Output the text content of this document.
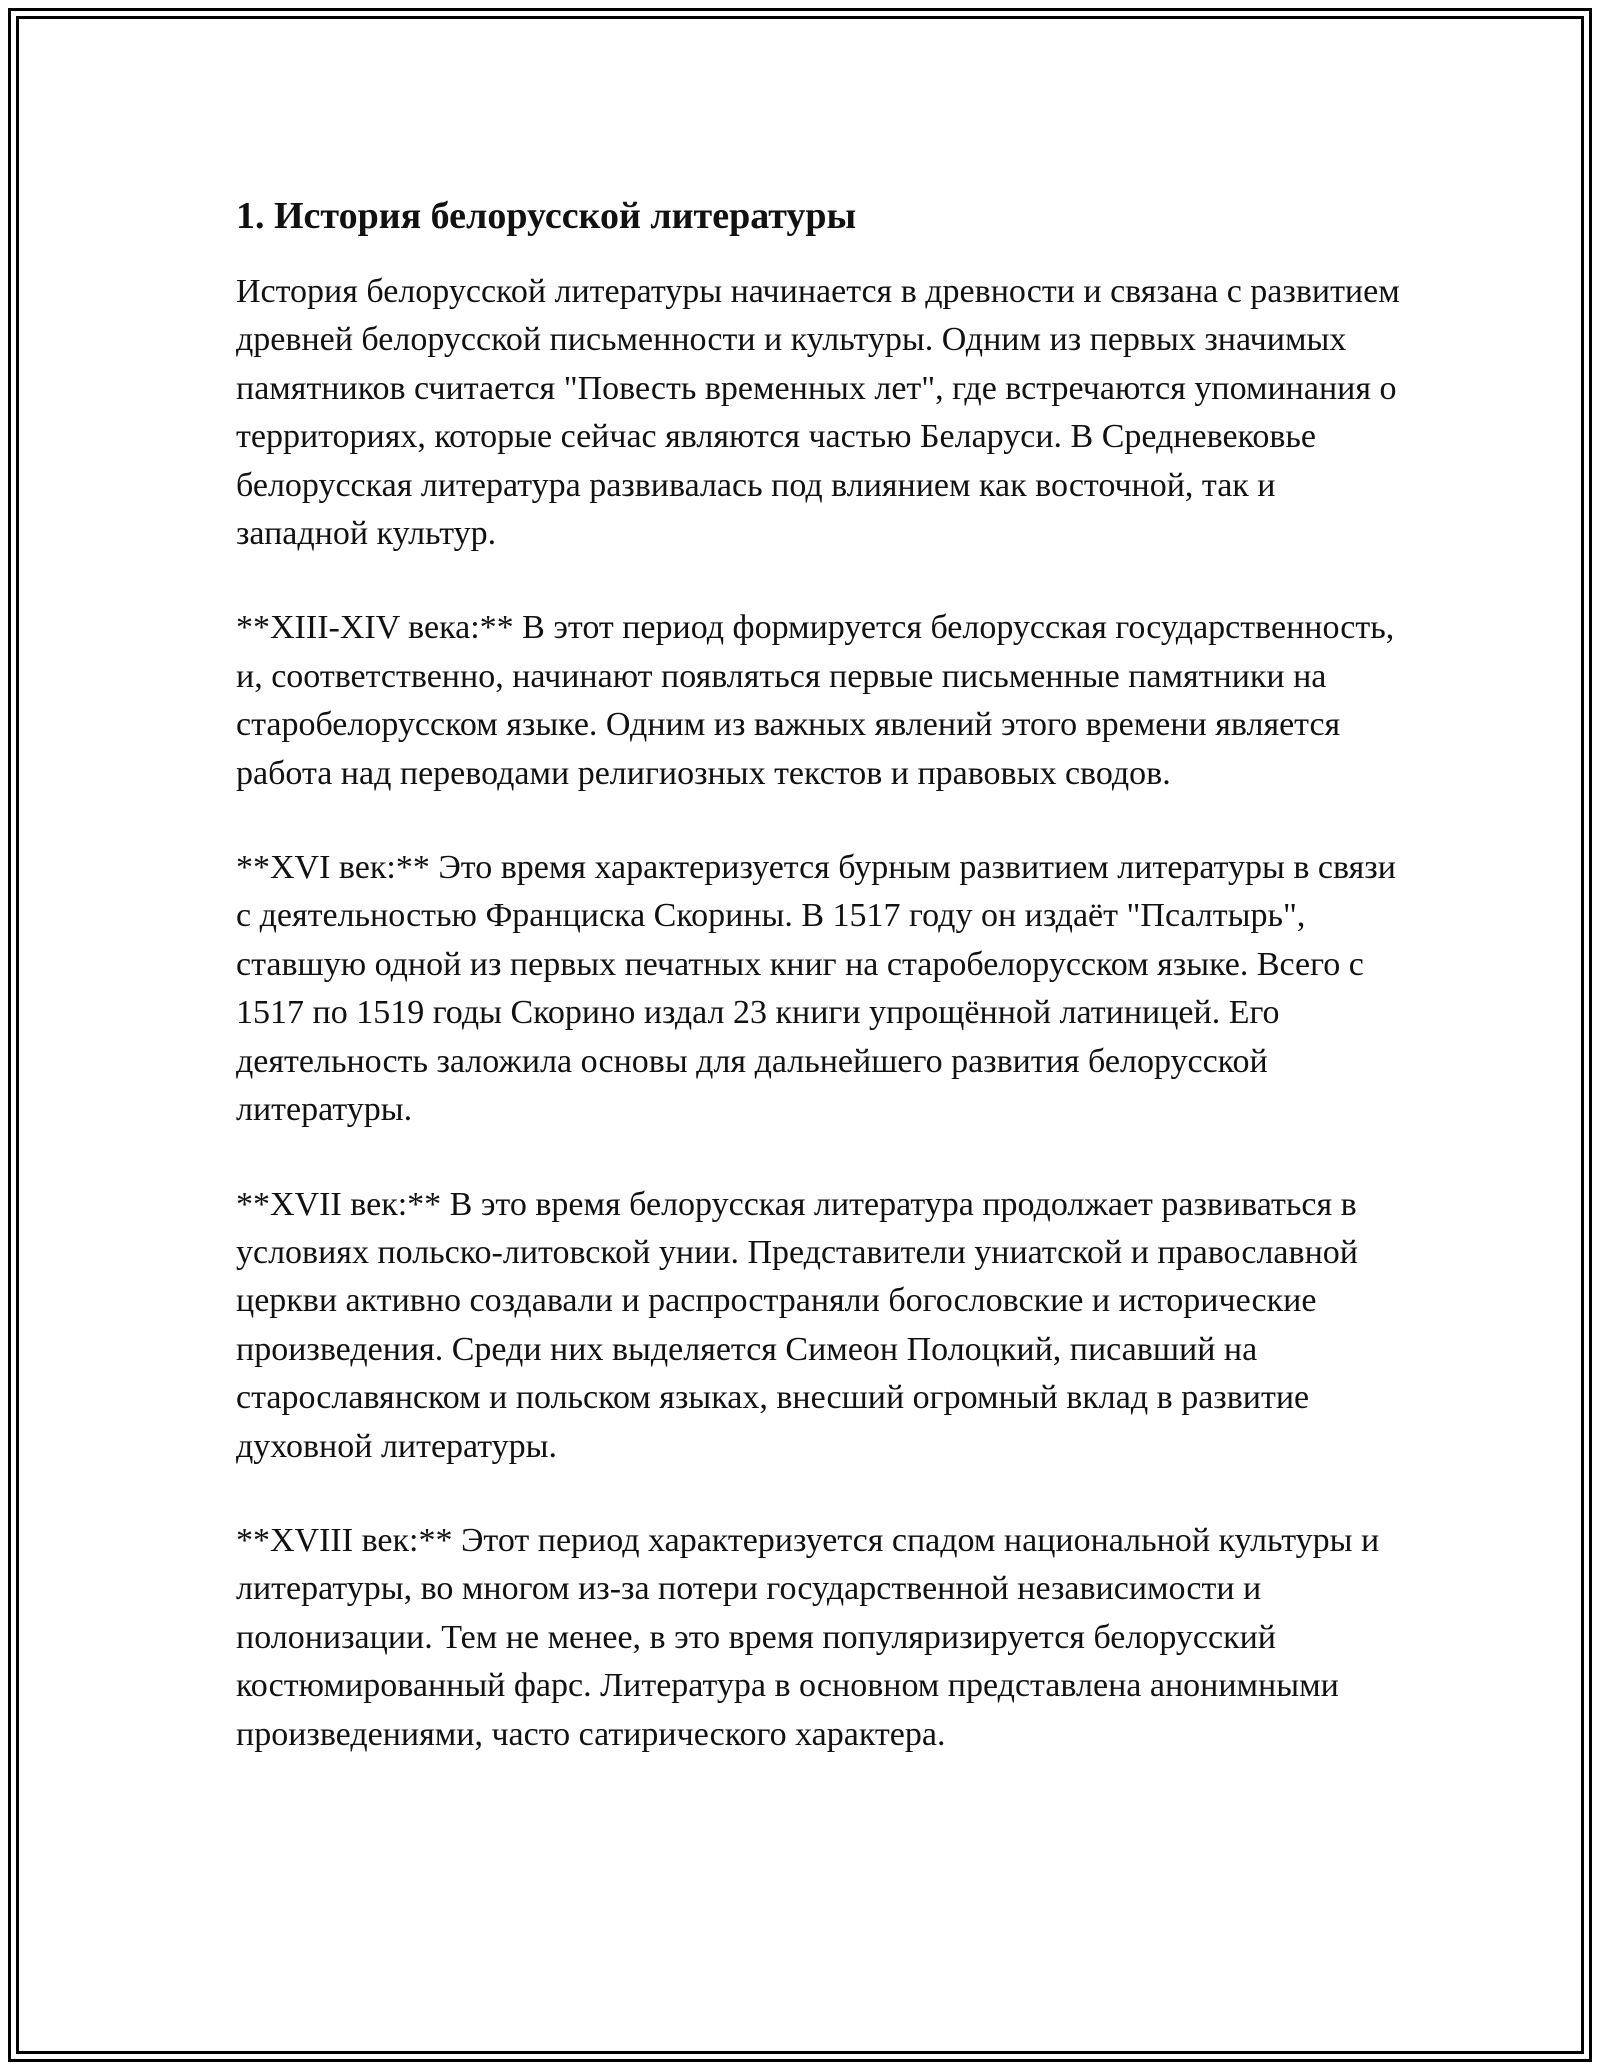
1. История белорусской литературы

История белорусской литературы начинается в древности и связана с развитием древней белорусской письменности и культуры. Одним из первых значимых памятников считается "Повесть временных лет", где встречаются упоминания о территориях, которые сейчас являются частью Беларуси. В Средневековье белорусская литература развивалась под влиянием как восточной, так и западной культур.

**XIII-XIV века:** В этот период формируется белорусская государственность, и, соответственно, начинают появляться первые письменные памятники на старобелорусском языке. Одним из важных явлений этого времени является работа над переводами религиозных текстов и правовых сводов.

**XVI век:** Это время характеризуется бурным развитием литературы в связи с деятельностью Франциска Скорины. В 1517 году он издаёт "Псалтырь", ставшую одной из первых печатных книг на старобелорусском языке. Всего с 1517 по 1519 годы Скорино издал 23 книги упрощённой латиницей. Его деятельность заложила основы для дальнейшего развития белорусской литературы.

**XVII век:** В это время белорусская литература продолжает развиваться в условиях польско-литовской унии. Представители униатской и православной церкви активно создавали и распространяли богословские и исторические произведения. Среди них выделяется Симеон Полоцкий, писавший на старославянском и польском языках, внесший огромный вклад в развитие духовной литературы.

**XVIII век:** Этот период характеризуется спадом национальной культуры и литературы, во многом из-за потери государственной независимости и полонизации. Тем не менее, в это время популяризируется белорусский костюмированный фарс. Литература в основном представлена анонимными произведениями, часто сатирического характера.
